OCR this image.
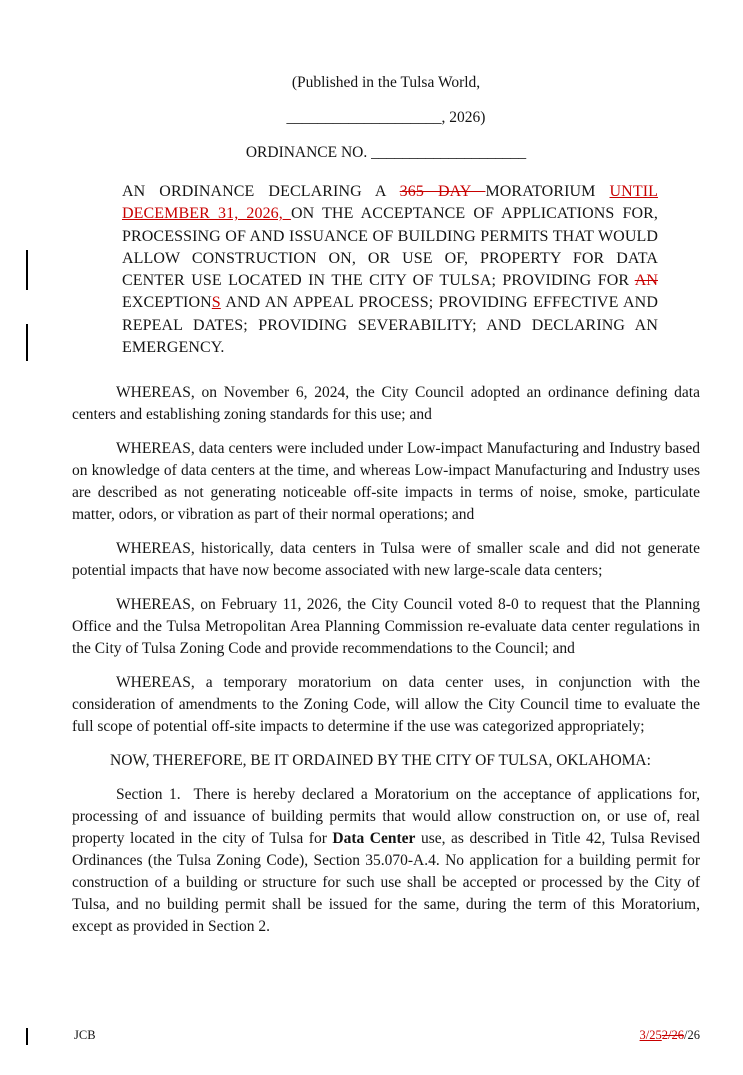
(Published in the Tulsa World,
____________________, 2026)
ORDINANCE NO. ____________________

AN ORDINANCE DECLARING A 365 DAY MORATORIUM UNTIL DECEMBER 31, 2026, ON THE ACCEPTANCE OF APPLICATIONS FOR, PROCESSING OF AND ISSUANCE OF BUILDING PERMITS THAT WOULD ALLOW CONSTRUCTION ON, OR USE OF, PROPERTY FOR DATA CENTER USE LOCATED IN THE CITY OF TULSA; PROVIDING FOR AN EXCEPTIONS AND AN APPEAL PROCESS; PROVIDING EFFECTIVE AND REPEAL DATES; PROVIDING SEVERABILITY; AND DECLARING AN EMERGENCY.

WHEREAS, on November 6, 2024, the City Council adopted an ordinance defining data centers and establishing zoning standards for this use; and

WHEREAS, data centers were included under Low-impact Manufacturing and Industry based on knowledge of data centers at the time, and whereas Low-impact Manufacturing and Industry uses are described as not generating noticeable off-site impacts in terms of noise, smoke, particulate matter, odors, or vibration as part of their normal operations; and

WHEREAS, historically, data centers in Tulsa were of smaller scale and did not generate potential impacts that have now become associated with new large-scale data centers;

WHEREAS, on February 11, 2026, the City Council voted 8-0 to request that the Planning Office and the Tulsa Metropolitan Area Planning Commission re-evaluate data center regulations in the City of Tulsa Zoning Code and provide recommendations to the Council; and

WHEREAS, a temporary moratorium on data center uses, in conjunction with the consideration of amendments to the Zoning Code, will allow the City Council time to evaluate the full scope of potential off-site impacts to determine if the use was categorized appropriately;

NOW, THEREFORE, BE IT ORDAINED BY THE CITY OF TULSA, OKLAHOMA:

Section 1.  There is hereby declared a Moratorium on the acceptance of applications for, processing of and issuance of building permits that would allow construction on, or use of, real property located in the city of Tulsa for Data Center use, as described in Title 42, Tulsa Revised Ordinances (the Tulsa Zoning Code), Section 35.070-A.4. No application for a building permit for construction of a building or structure for such use shall be accepted or processed by the City of Tulsa, and no building permit shall be issued for the same, during the term of this Moratorium, except as provided in Section 2.

JCB	3/252/26/26
